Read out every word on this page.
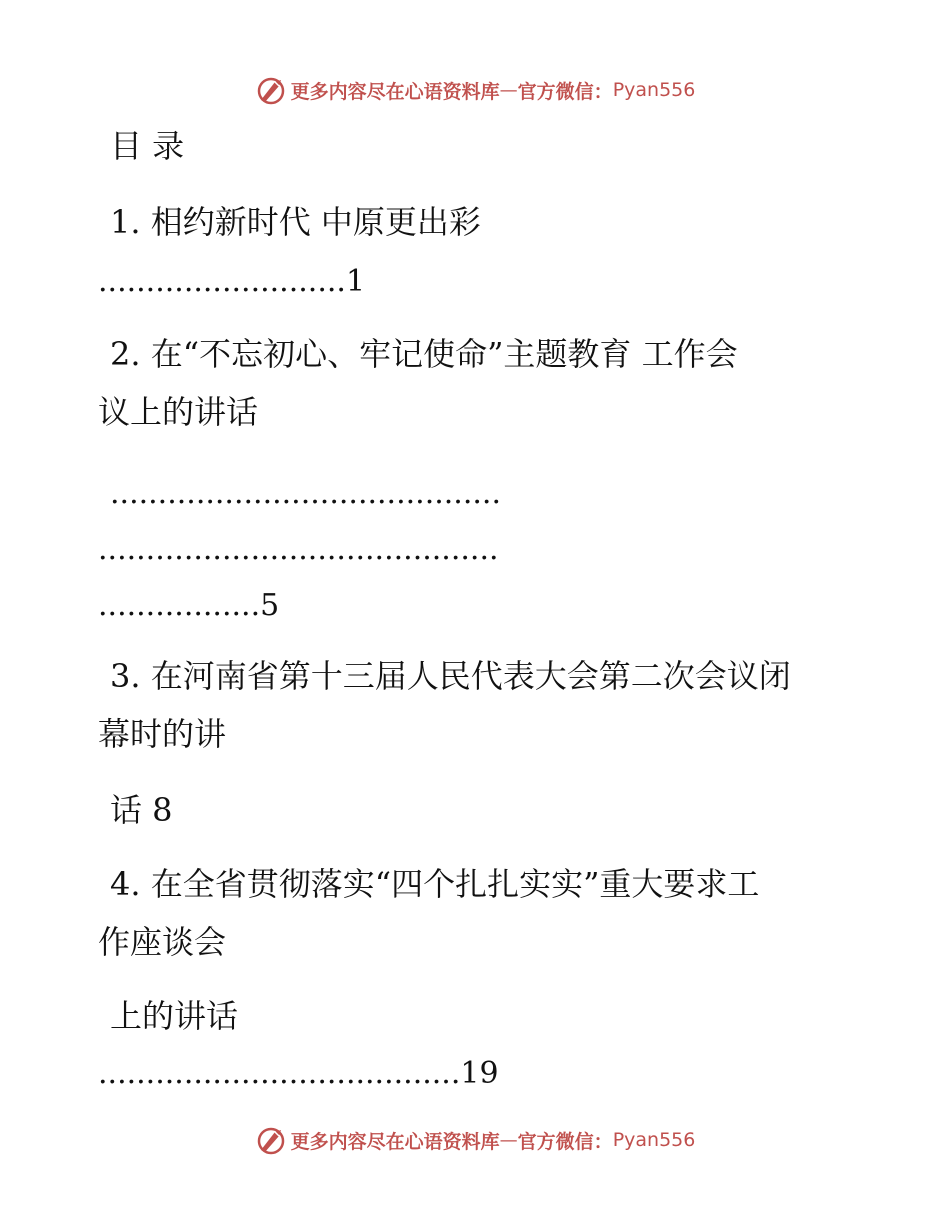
更多内容尽在心语资料库 — 官方微信： Pyan556
目 录
1. 相约新时代 中原更出彩
..........................1
2. 在“不忘初心、牢记使命”主题教育 工作会
议上的讲话
.........................................
..........................................
.................5
3. 在河南省第十三届人民代表大会第二次会议闭
幕时的讲
话 8
4. 在全省贯彻落实“四个扎扎实实”重大要求工
作座谈会
上的讲话
......................................19
更多内容尽在心语资料库 — 官方微信： Pyan556
